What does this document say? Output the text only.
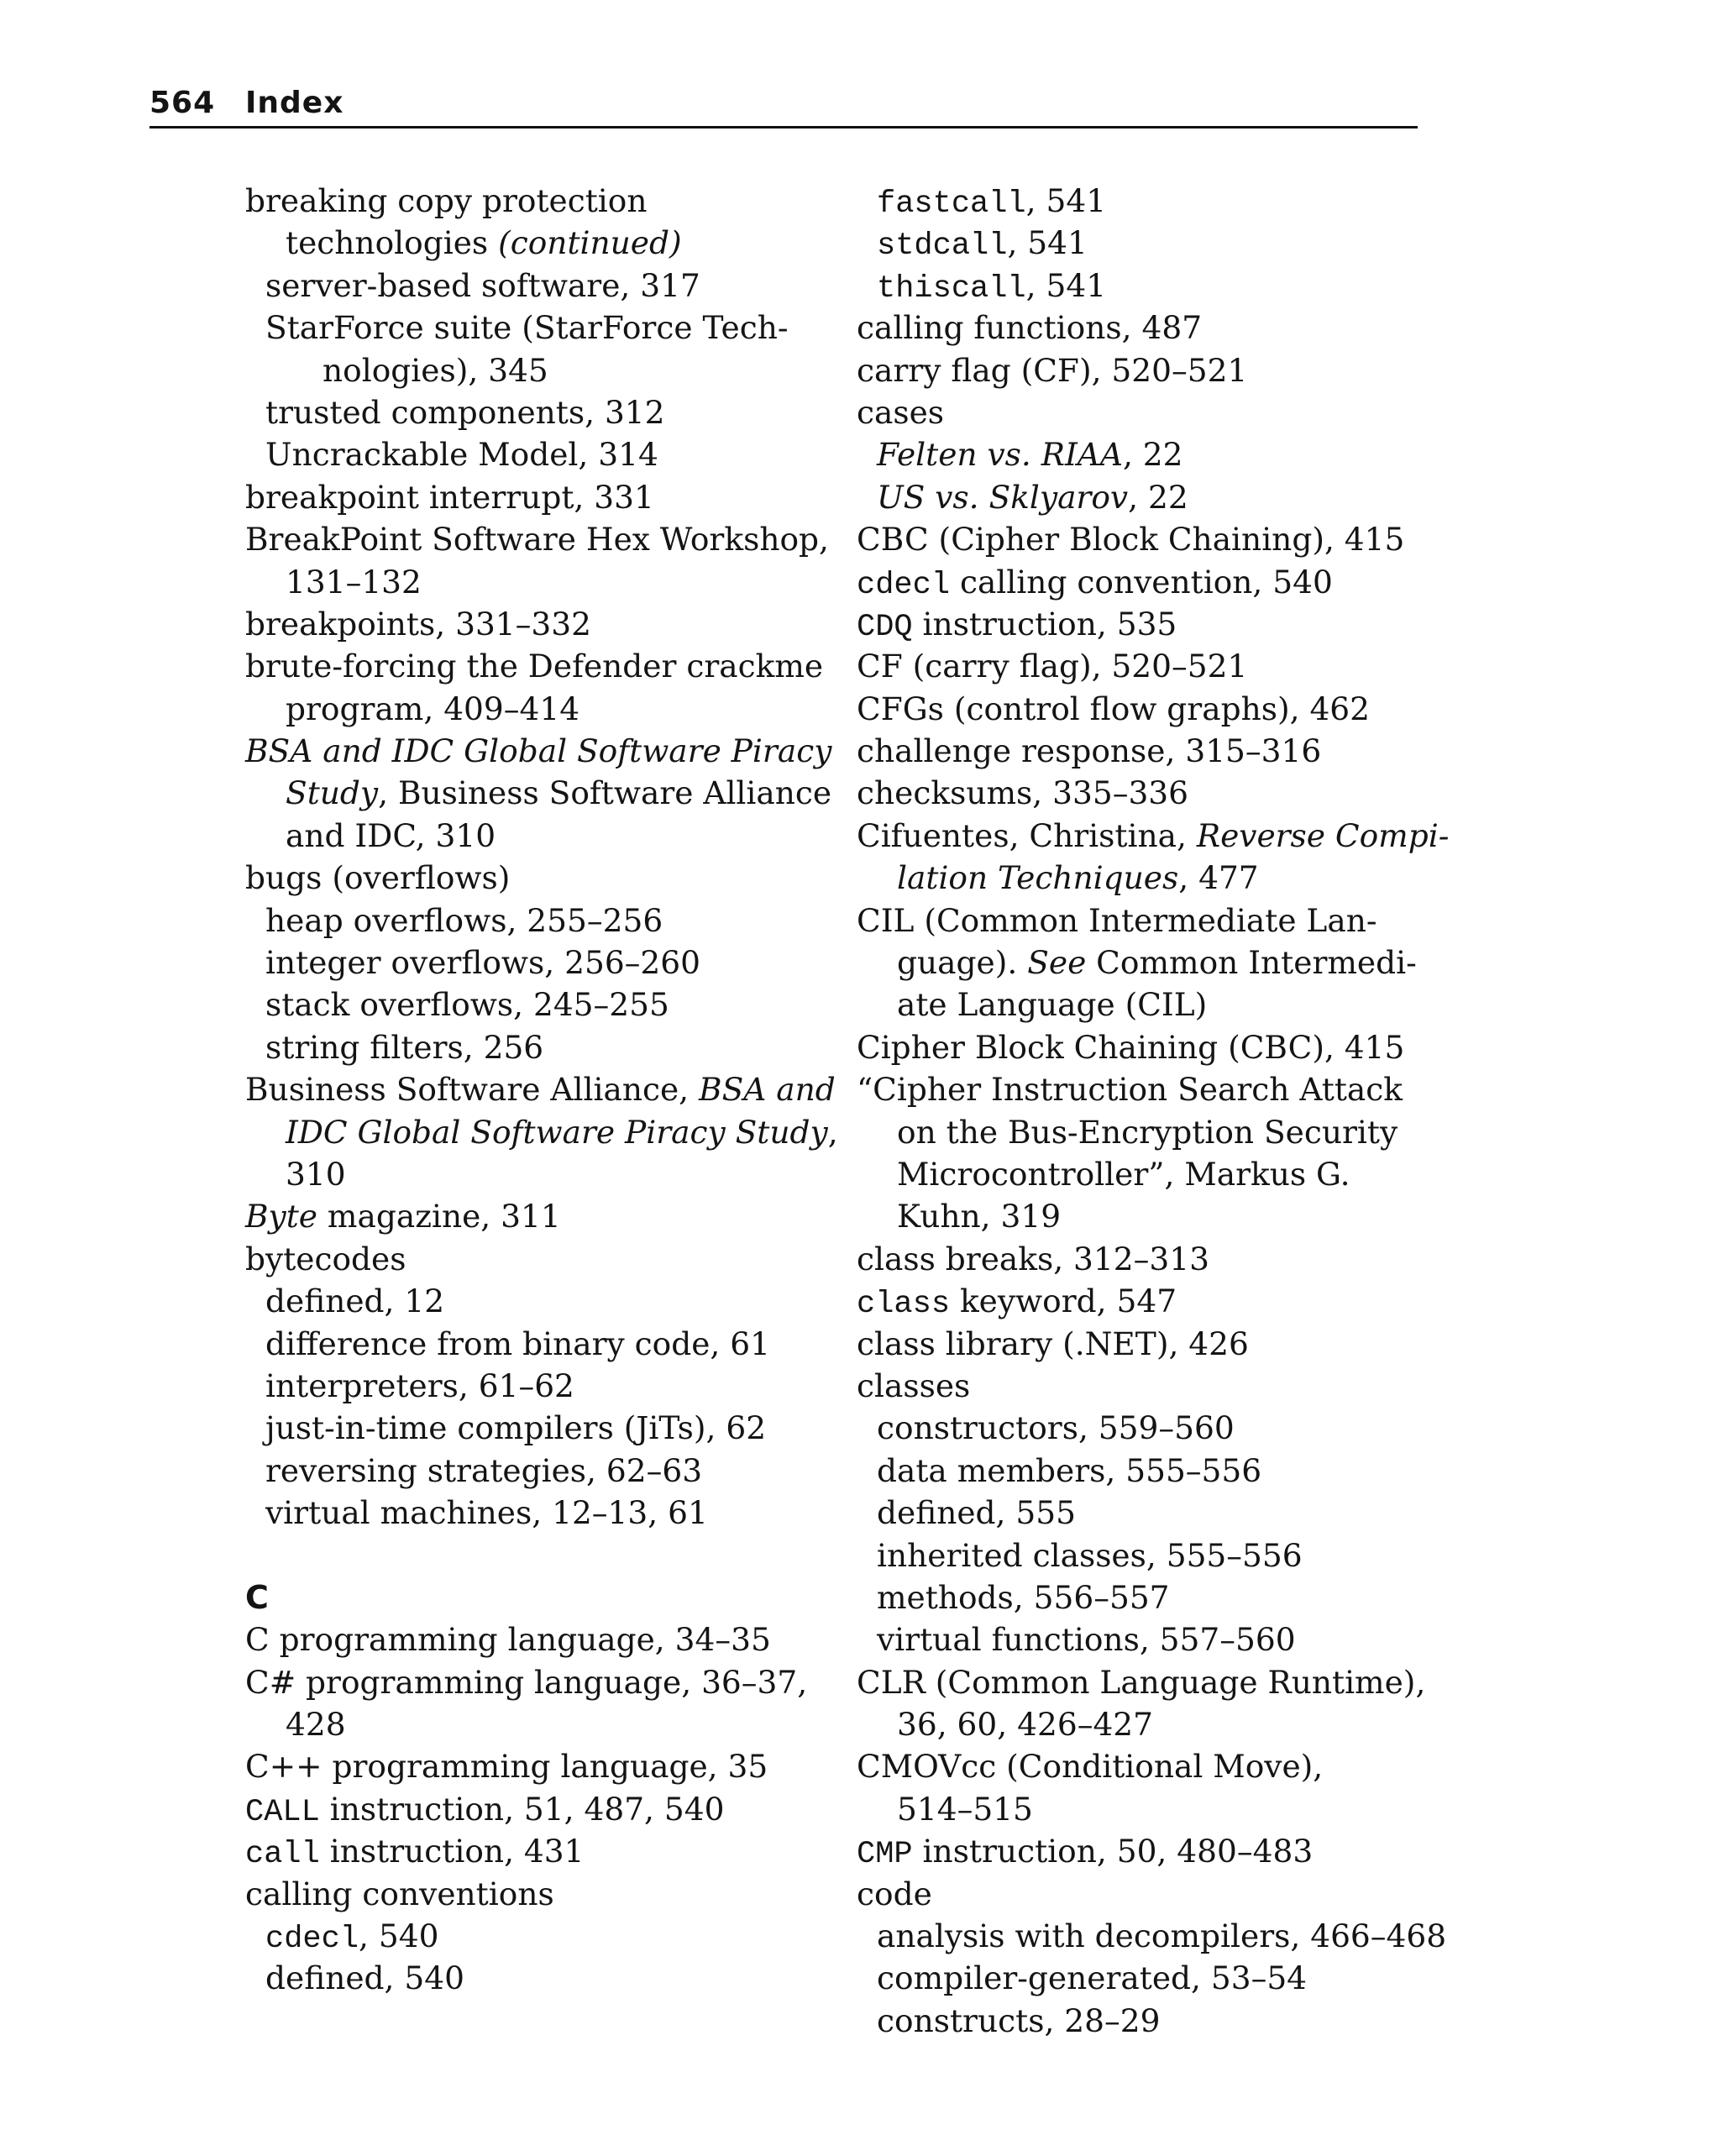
564 Index
breaking copy protection
technologies (continued)
server-based software, 317
StarForce suite (StarForce Tech-
nologies), 345
trusted components, 312
Uncrackable Model, 314
breakpoint interrupt, 331
BreakPoint Software Hex Workshop,
131–132
breakpoints, 331–332
brute-forcing the Defender crackme
program, 409–414
BSA and IDC Global Software Piracy
Study, Business Software Alliance
and IDC, 310
bugs (overflows)
heap overflows, 255–256
integer overflows, 256–260
stack overflows, 245–255
string filters, 256
Business Software Alliance, BSA and
IDC Global Software Piracy Study,
310
Byte magazine, 311
bytecodes
defined, 12
difference from binary code, 61
interpreters, 61–62
just-in-time compilers (JiTs), 62
reversing strategies, 62–63
virtual machines, 12–13, 61
C
C programming language, 34–35
C# programming language, 36–37,
428
C++ programming language, 35
CALL instruction, 51, 487, 540
call instruction, 431
calling conventions
cdecl, 540
defined, 540
fastcall, 541
stdcall, 541
thiscall, 541
calling functions, 487
carry flag (CF), 520–521
cases
Felten vs. RIAA, 22
US vs. Sklyarov, 22
CBC (Cipher Block Chaining), 415
cdecl calling convention, 540
CDQ instruction, 535
CF (carry flag), 520–521
CFGs (control flow graphs), 462
challenge response, 315–316
checksums, 335–336
Cifuentes, Christina, Reverse Compi-
lation Techniques, 477
CIL (Common Intermediate Lan-
guage). See Common Intermedi-
ate Language (CIL)
Cipher Block Chaining (CBC), 415
“Cipher Instruction Search Attack
on the Bus-Encryption Security
Microcontroller”, Markus G.
Kuhn, 319
class breaks, 312–313
class keyword, 547
class library (.NET), 426
classes
constructors, 559–560
data members, 555–556
defined, 555
inherited classes, 555–556
methods, 556–557
virtual functions, 557–560
CLR (Common Language Runtime),
36, 60, 426–427
CMOVcc (Conditional Move),
514–515
CMP instruction, 50, 480–483
code
analysis with decompilers, 466–468
compiler-generated, 53–54
constructs, 28–29
